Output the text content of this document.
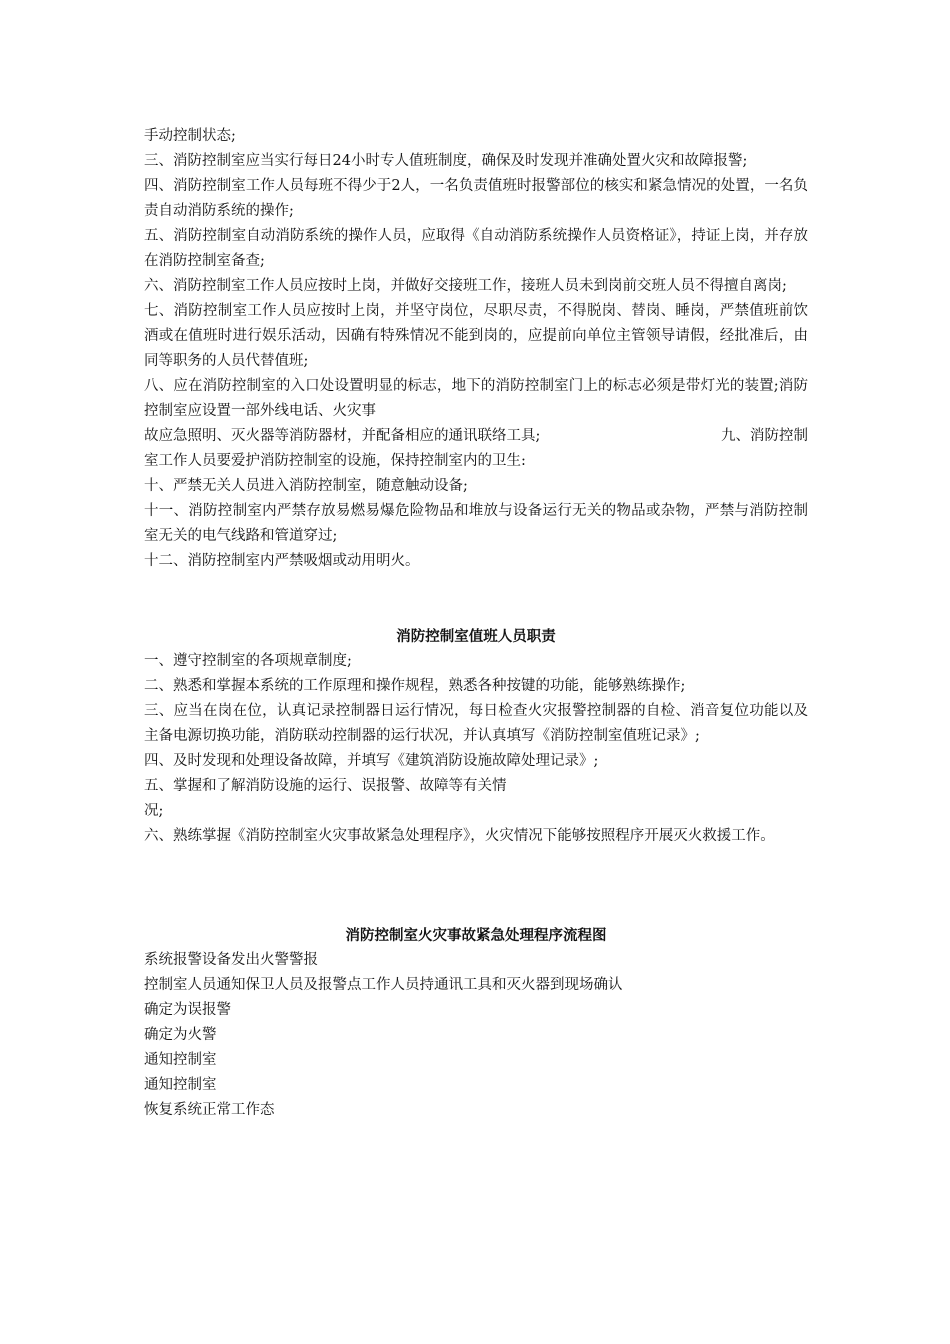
手动控制状态;

三、消防控制室应当实行每日24小时专人值班制度，确保及时发现并准确处置火灾和故障报警;

四、消防控制室工作人员每班不得少于2人，一名负责值班时报警部位的核实和紧急情况的处置，一名负责自动消防系统的操作;

五、消防控制室自动消防系统的操作人员，应取得《自动消防系统操作人员资格证》，持证上岗，并存放在消防控制室备查;

六、消防控制室工作人员应按时上岗，并做好交接班工作，接班人员未到岗前交班人员不得擅自离岗;

七、消防控制室工作人员应按时上岗，并坚守岗位，尽职尽责，不得脱岗、替岗、睡岗，严禁值班前饮酒或在值班时进行娱乐活动，因确有特殊情况不能到岗的，应提前向单位主管领导请假，经批准后，由同等职务的人员代替值班;

八、应在消防控制室的入口处设置明显的标志，地下的消防控制室门上的标志必须是带灯光的装置;消防控制室应设置一部外线电话、火灾事

故应急照明、灭火器等消防器材，并配备相应的通讯联络工具;	九、消防控制

室工作人员要爱护消防控制室的设施，保持控制室内的卫生:

十、严禁无关人员进入消防控制室，随意触动设备;

十一、消防控制室内严禁存放易燃易爆危险物品和堆放与设备运行无关的物品或杂物，严禁与消防控制室无关的电气线路和管道穿过;

十二、消防控制室内严禁吸烟或动用明火。

消防控制室值班人员职责

一、遵守控制室的各项规章制度;

二、熟悉和掌握本系统的工作原理和操作规程，熟悉各种按键的功能，能够熟练操作;

三、应当在岗在位，认真记录控制器日运行情况，每日检查火灾报警控制器的自检、消音复位功能以及主备电源切换功能，消防联动控制器的运行状况，并认真填写《消防控制室值班记录》;

四、及时发现和处理设备故障，并填写《建筑消防设施故障处理记录》;

五、掌握和了解消防设施的运行、误报警、故障等有关情

况;

六、熟练掌握《消防控制室火灾事故紧急处理程序》，火灾情况下能够按照程序开展灭火救援工作。

消防控制室火灾事故紧急处理程序流程图

系统报警设备发出火警警报

控制室人员通知保卫人员及报警点工作人员持通讯工具和灭火器到现场确认

确定为误报警

确定为火警

通知控制室

通知控制室

恢复系统正常工作态
